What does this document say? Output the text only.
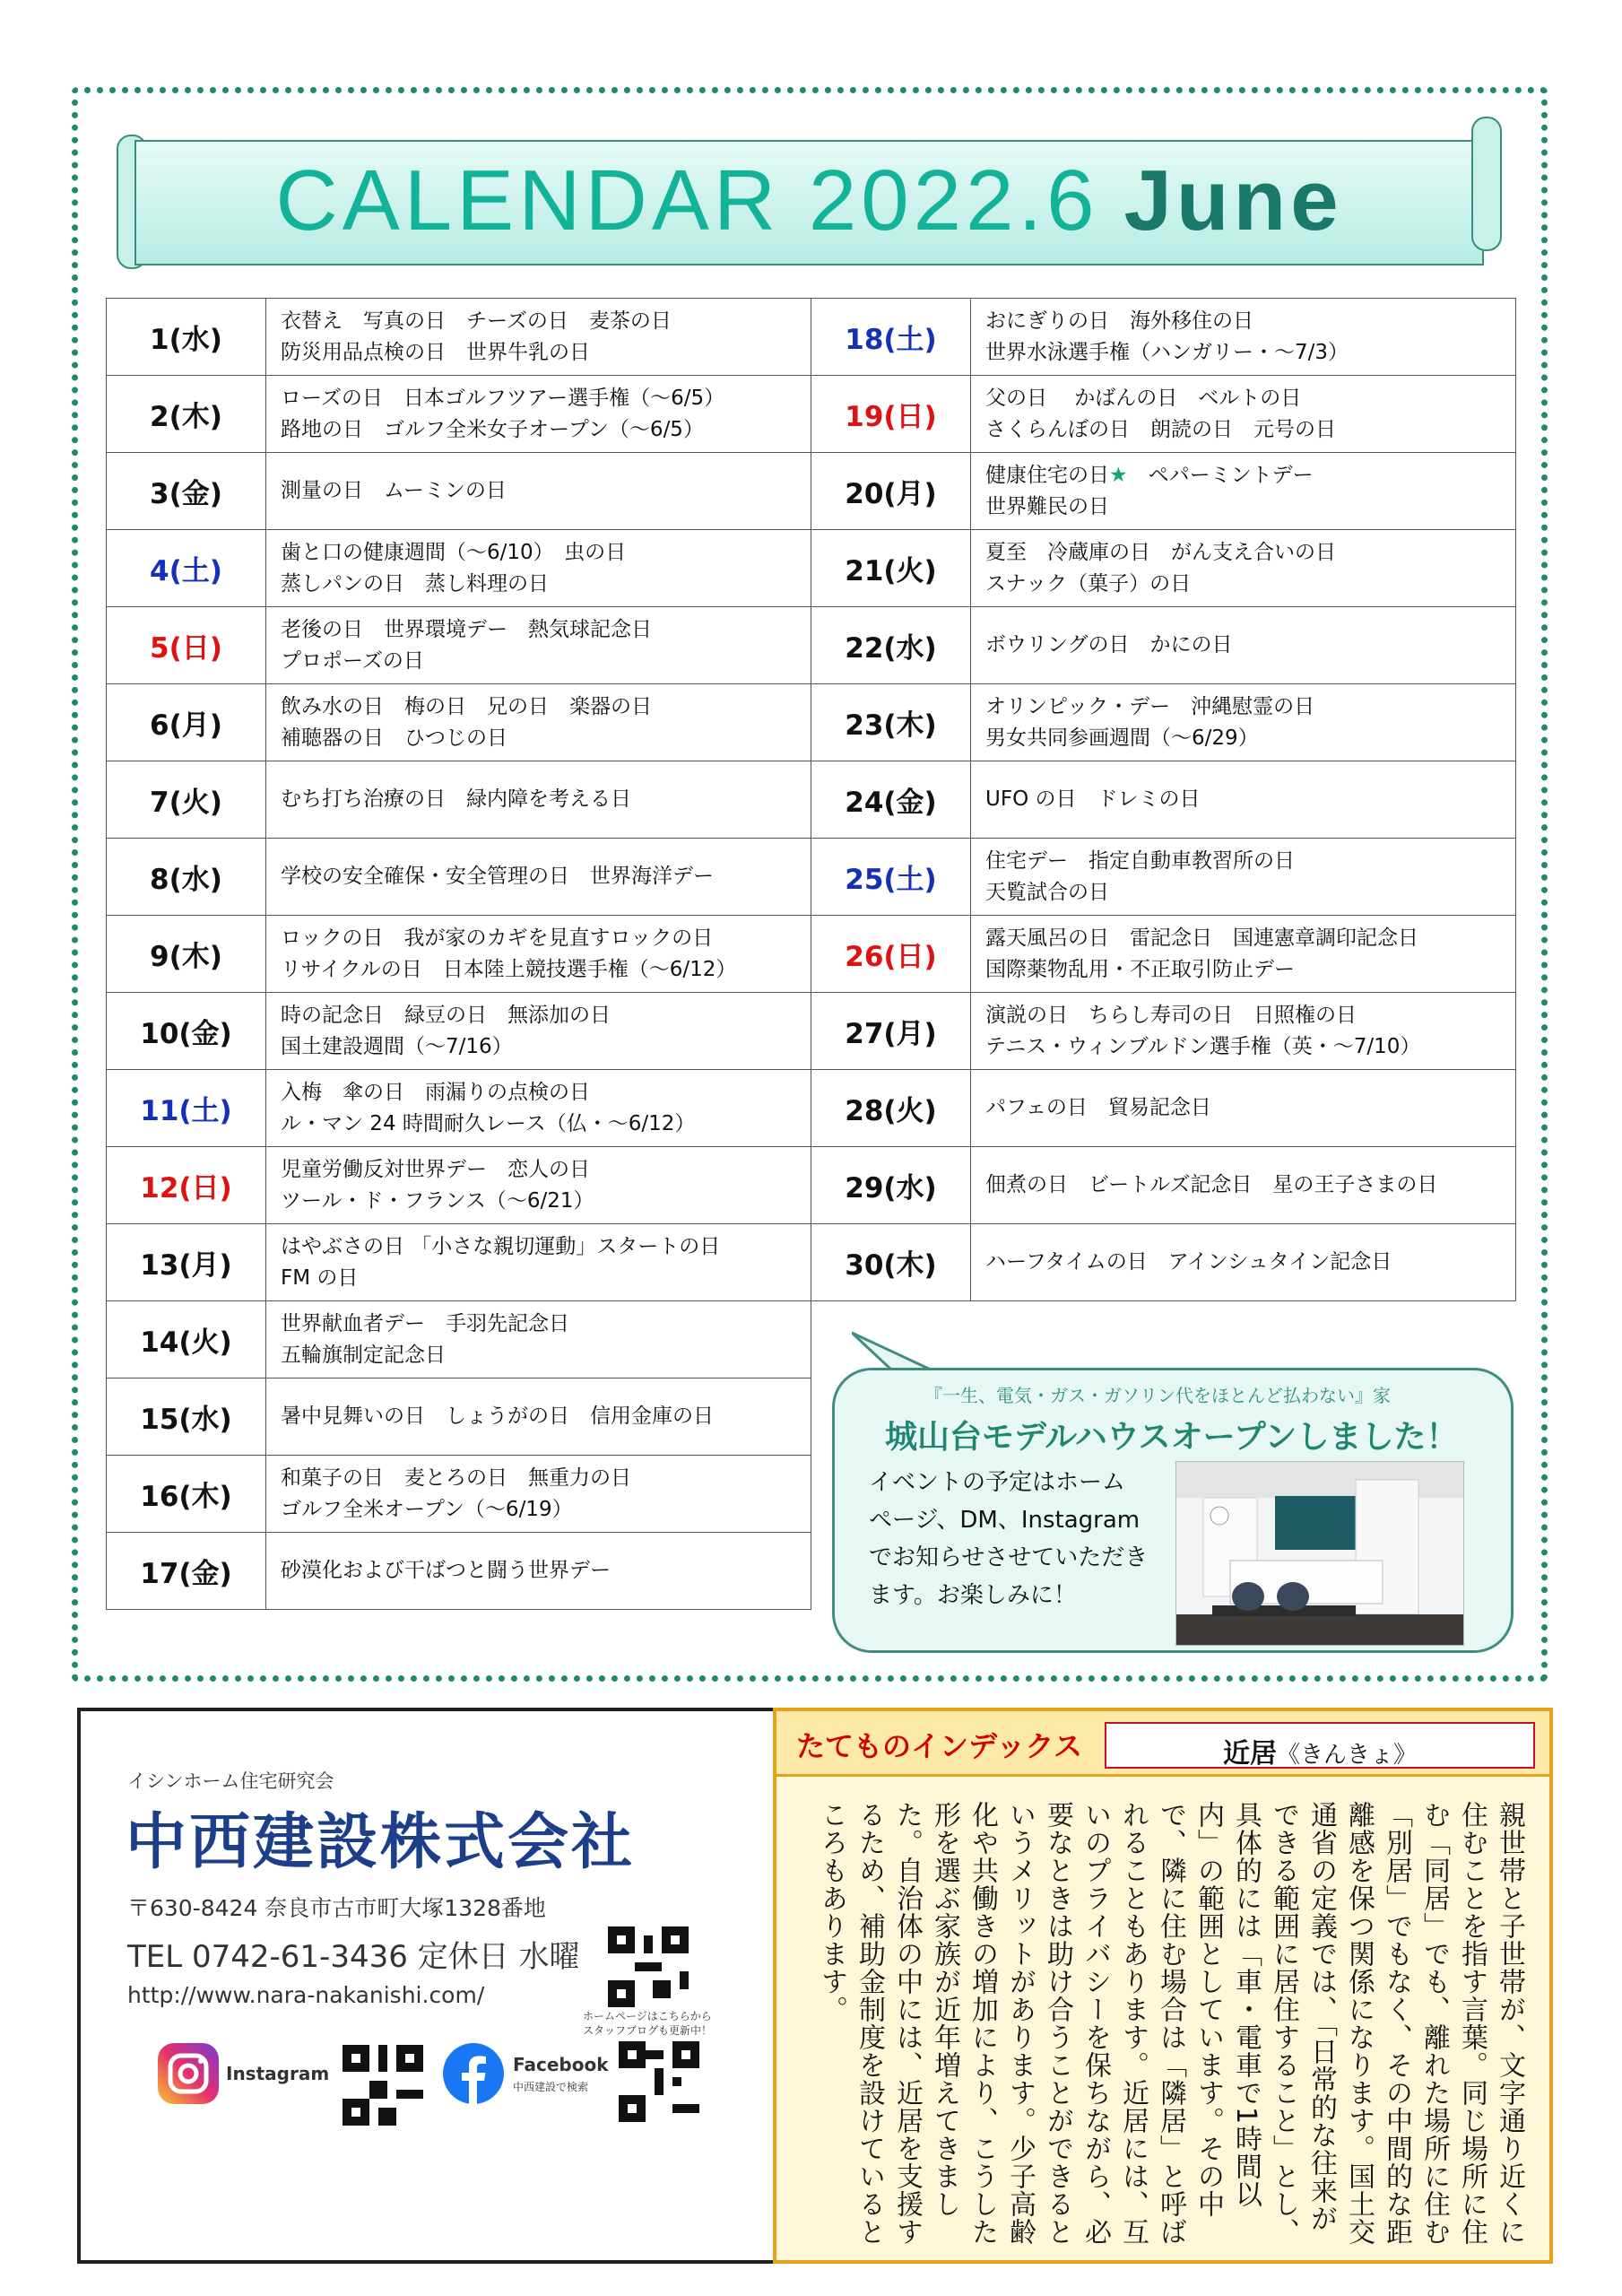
CALENDAR 2022.6 June
1(水)	衣替え　写真の日　チーズの日　麦茶の日
防災用品点検の日　世界牛乳の日

2(木)	ローズの日　日本ゴルフツアー選手権（～6/5）
路地の日　ゴルフ全米女子オープン（～6/5）

3(金)	測量の日　ムーミンの日

4(土)	歯と口の健康週間（～6/10）　虫の日
蒸しパンの日　蒸し料理の日

5(日)	老後の日　世界環境デー　熱気球記念日
プロポーズの日

6(月)	飲み水の日　梅の日　兄の日　楽器の日
補聴器の日　ひつじの日

7(火)	むち打ち治療の日　緑内障を考える日

8(水)	学校の安全確保・安全管理の日　世界海洋デー

9(木)	ロックの日　我が家のカギを見直すロックの日
リサイクルの日　日本陸上競技選手権（～6/12）

10(金)	時の記念日　緑豆の日　無添加の日
国土建設週間（～7/16）

11(土)	入梅　傘の日　雨漏りの点検の日
ル・マン 24 時間耐久レース（仏・～6/12）

12(日)	児童労働反対世界デー　恋人の日
ツール・ド・フランス（～6/21）

13(月)	はやぶさの日 「小さな親切運動」スタートの日
FM の日

14(火)	世界献血者デー　手羽先記念日
五輪旗制定記念日

15(水)	暑中見舞いの日　しょうがの日　信用金庫の日

16(木)	和菓子の日　麦とろの日　無重力の日
ゴルフ全米オープン（～6/19）

17(金)	砂漠化および干ばつと闘う世界デー
18(土)	おにぎりの日　海外移住の日
世界水泳選手権（ハンガリー・～7/3）

19(日)	父の日　 かばんの日　ベルトの日
さくらんぼの日　朗読の日　元号の日

20(月)	健康住宅の日★　ペパーミントデー
世界難民の日

21(火)	夏至　冷蔵庫の日　がん支え合いの日
スナック（菓子）の日

22(水)	ボウリングの日　かにの日

23(木)	オリンピック・デー　沖縄慰霊の日
男女共同参画週間（～6/29）

24(金)	UFO の日　ドレミの日

25(土)	住宅デー　指定自動車教習所の日
天覧試合の日

26(日)	露天風呂の日　雷記念日　国連憲章調印記念日
国際薬物乱用・不正取引防止デー

27(月)	演説の日　ちらし寿司の日　日照権の日
テニス・ウィンブルドン選手権（英・～7/10）

28(火)	パフェの日　貿易記念日

29(水)	佃煮の日　ビートルズ記念日　星の王子さまの日

30(木)	ハーフタイムの日　アインシュタイン記念日
『一生、電気・ガス・ガソリン代をほとんど払わない』家
城山台モデルハウスオープンしました！
イベントの予定はホーム
ページ、DM、Instagram
でお知らせさせていただき
ます。お楽しみに！
イシンホーム住宅研究会
中西建設株式会社
〒630-8424 奈良市古市町大塚1328番地
TEL 0742-61-3436 定休日 水曜
http://www.nara-nakanishi.com/
ホームページはこちらから
スタッフブログも更新中！
Instagram	Facebook
中西建設で検索
たてものインデックス	近居《きんきょ》
親世帯と子世帯が、文字通り近くに住むことを指す言葉。同じ場所に住む「同居」でも、離れた場所に住む「別居」でもなく、その中間的な距離感を保つ関係になります。国土交通省の定義では、「日常的な往来ができる範囲に居住すること」とし、具体的には「車・電車で1時間以内」の範囲としています。その中で、隣に住む場合は「隣居」と呼ばれることもあります。近居には、互いのプライバシーを保ちながら、必要なときは助け合うことができるというメリットがあります。少子高齢化や共働きの増加により、こうした形を選ぶ家族が近年増えてきました。自治体の中には、近居を支援するため、補助金制度を設けているところもあります。
